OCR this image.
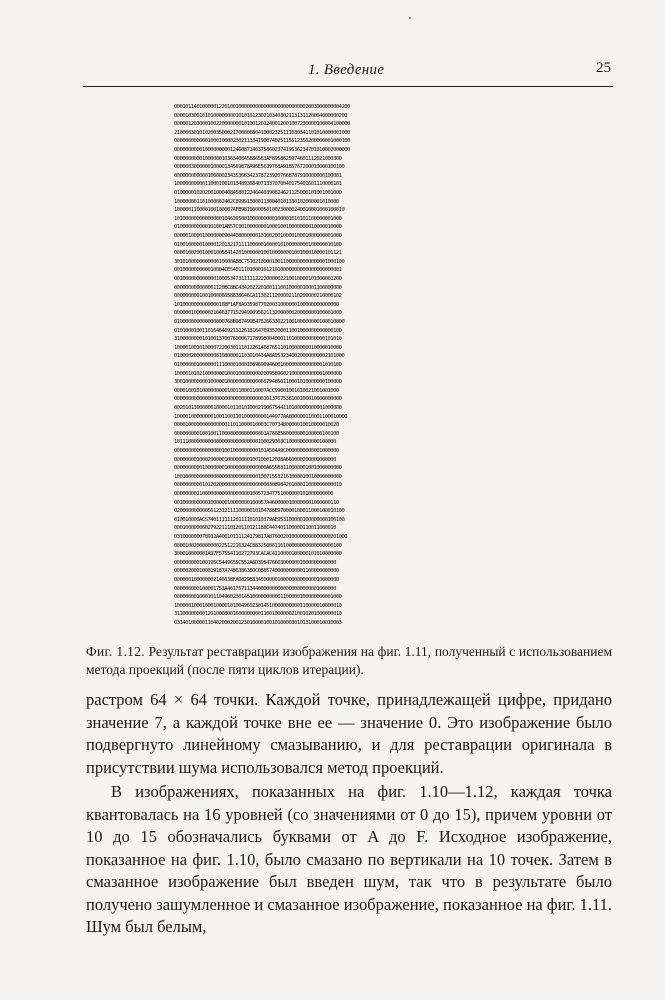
1. Введение	25
000101140100000122010010000000000000000000000002003000000004200
00001030010101000000001010101230210340302113131120004000000200
000001203000100220000000101001201240012001007230000100004100000
210000301010200350002170000080410002325111030341101010000001000
000000000000100010000230211334190074025115512356200000001000100
000000000010000000001246087140375860237419536234701010002000000
000000000010000001036340845886583AF8958625974601112021000300
000000300000010000134569878A96E5639768A9185767200010000100100
000000000000100000234353663423787239207668787910000000100001
100000000001100010010134893684071337070040175401601110000101
010000010202001000408458812246440390824621125000101001001000
100000001101000002402C8999130001130040101330102000001010000
100000110000100100007AFB9810000050100230000240010001000100010
101000000000000001046395001000000000100001010101100000001000
010000000000101001AB57C0010000000100010010000000010000010000
000001000010000000904408000000101002001000010001000000001000
010010000010000120132171111000001000010100000000100000010100
000010020010001005841420100000010010000000100100010000101121
301010000000000010000ABBC751021000010011000000000000001000100
001000000000010004CE5401110100010121010000000000000000000001
001000000000000100053473111112222000002210010000101000001200
000000000000001120BC8BC4342022201001110010000010001100000000
000000000100100006058838646CA1130211200002110200000210000102
101000000000000016BF1AF8A9359877020031000000100000000000000
000000100000021046377152949909562113200000020000000100001000
010000000000000000768B987499E47626633022100100000000100010000
010100010011016464692131261816476935200011001000000000000100
310000000010100137007600067178998004000110100000000000101010
100001001010000722003011101226146876511010000000010000010000
010000200000000810800001103010434A8A9532340020000000002101000
010000001000000111000010001089696946001000000000000001010100
100001010210000000100010000000020095896021000000000001000000
300100000000100000100000000000066794850110001010000000100000
000010010100000000010011000110007ACC99001001010021001001000
000000000000000000000000000000001013767538100100010000000000
002010130000001000010110101000210067544110100000000001000000
100001000000001001100110100000000144977AA800000110001100010000
000010000000000000011011000010003C7073480000010010000010020
000000000100100110000000000000001A766E580000000100000100100
101110000000000000000000000000100029303C100000000000100000
000000000000000001001000000000101A504A9C0000000000001000000
000000001000200000100000000100100012038A660000200000000000
000000000010000000100000000000000A655B3110000001001000000000
100100000000000000000000000000100715532161000010010000000000
000000000010120200000000000000000830898420100011000000000010
000000001100000000000000000100572347751000000101000000000
001000000000100000010000000100057A4600000100000001000000110
020000000000561231211110000010104788E970000100011000100010100
010010000ACS74011111120111101010379AE953100000100000000100100
000100000060279221110120110121188C447401100000110011000010
031000000078932A40010111124179817A8760020100000000000000201000
000010020000000022512216324C88325000110100000000000000000100
300010000001A97F57554110272793CACAC4110000100000101010000000
000000000100195C5449655C552A6D3954766030000001000000000000
000002000100019187A7486386380C08857400000000001100000000000
000000100000002146638FA0829B3345000001000000000000010000000
000000000100001753A461757113440000000000000000000001000000
000000001000101104960230145100000000001100000100000000001000
100000100010001000010100496023014510000000000110000010000010
311000000001201000800160000000011001000000210010201000000010
031401000001104020002001230100001001010000301013100010010003
Фиг. 1.12. Результат реставрации изображения на фиг. 1.11, полученный с использованием метода проекций (после пяти циклов итерации).

растром 64 × 64 точки. Каждой точке, принадлежащей цифре, придано значение 7, а каждой точке вне ее — значение 0. Это изображение было подвергнуто линейному смазыванию, и для реставрации оригинала в присутствии шума использовался метод проекций.

В изображениях, показанных на фиг. 1.10—1.12, каждая точка квантовалась на 16 уровней (со значениями от 0 до 15), причем уровни от 10 до 15 обозначались буквами от A до F. Исходное изображение, показанное на фиг. 1.10, было смазано по вертикали на 10 точек. Затем в смазанное изображение был введен шум, так что в результате было получено зашумленное и смазанное изображение, показанное на фиг. 1.11. Шум был белым,
